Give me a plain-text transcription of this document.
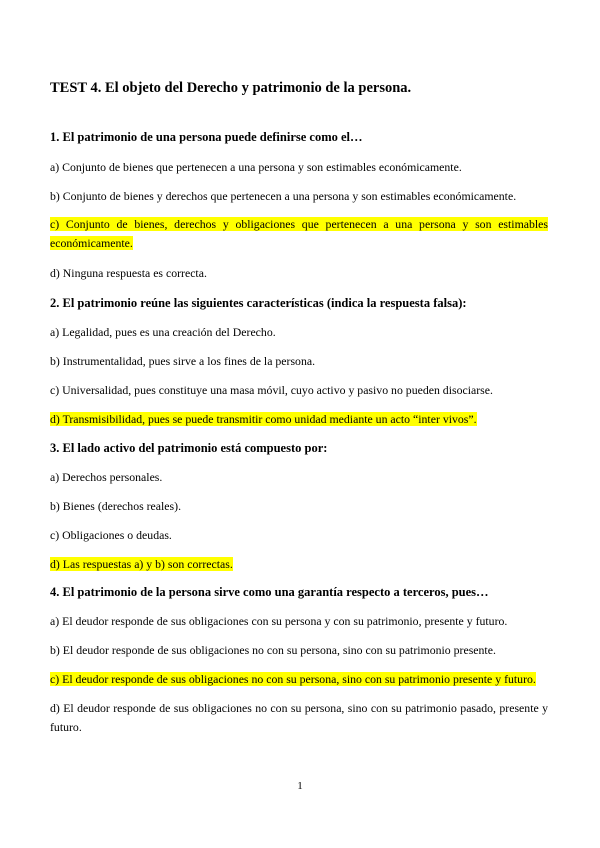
TEST 4. El objeto del Derecho y patrimonio de la persona.
1. El patrimonio de una persona puede definirse como el…
a) Conjunto de bienes que pertenecen a una persona y son estimables económicamente.
b) Conjunto de bienes y derechos que pertenecen a una persona y son estimables económicamente.
c) Conjunto de bienes, derechos y obligaciones que pertenecen a una persona y son estimables económicamente.
d) Ninguna respuesta es correcta.
2. El patrimonio reúne las siguientes características (indica la respuesta falsa):
a) Legalidad, pues es una creación del Derecho.
b) Instrumentalidad, pues sirve a los fines de la persona.
c) Universalidad, pues constituye una masa móvil, cuyo activo y pasivo no pueden disociarse.
d) Transmisibilidad, pues se puede transmitir como unidad mediante un acto “inter vivos”.
3. El lado activo del patrimonio está compuesto por:
a) Derechos personales.
b) Bienes (derechos reales).
c) Obligaciones o deudas.
d) Las respuestas a) y b) son correctas.
4. El patrimonio de la persona sirve como una garantía respecto a terceros, pues…
a) El deudor responde de sus obligaciones con su persona y con su patrimonio, presente y futuro.
b) El deudor responde de sus obligaciones no con su persona, sino con su patrimonio presente.
c) El deudor responde de sus obligaciones no con su persona, sino con su patrimonio presente y futuro.
d) El deudor responde de sus obligaciones no con su persona, sino con su patrimonio pasado, presente y futuro.
1
